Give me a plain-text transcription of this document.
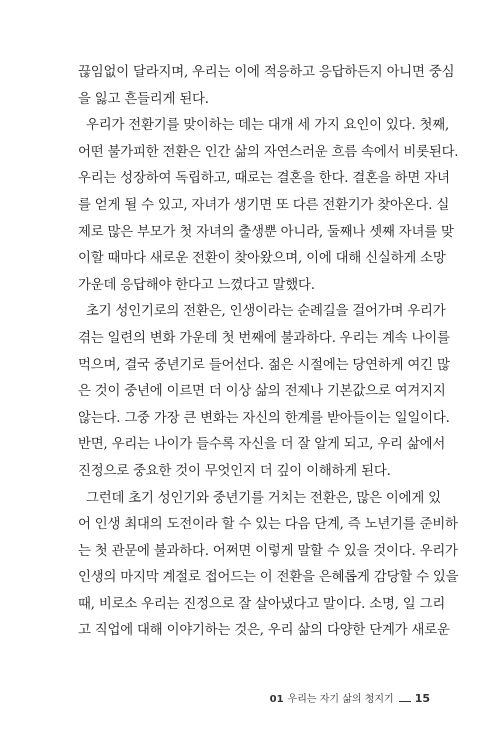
끊임없이 달라지며, 우리는 이에 적응하고 응답하든지 아니면 중심
을 잃고 흔들리게 된다.
우리가 전환기를 맞이하는 데는 대개 세 가지 요인이 있다. 첫째,
어떤 불가피한 전환은 인간 삶의 자연스러운 흐름 속에서 비롯된다.
우리는 성장하여 독립하고, 때로는 결혼을 한다. 결혼을 하면 자녀
를 얻게 될 수 있고, 자녀가 생기면 또 다른 전환기가 찾아온다. 실
제로 많은 부모가 첫 자녀의 출생뿐 아니라, 둘째나 셋째 자녀를 맞
이할 때마다 새로운 전환이 찾아왔으며, 이에 대해 신실하게 소망
가운데 응답해야 한다고 느꼈다고 말했다.
초기 성인기로의 전환은, 인생이라는 순례길을 걸어가며 우리가
겪는 일련의 변화 가운데 첫 번째에 불과하다. 우리는 계속 나이를
먹으며, 결국 중년기로 들어선다. 젊은 시절에는 당연하게 여긴 많
은 것이 중년에 이르면 더 이상 삶의 전제나 기본값으로 여겨지지
않는다. 그중 가장 큰 변화는 자신의 한계를 받아들이는 일일이다.
반면, 우리는 나이가 들수록 자신을 더 잘 알게 되고, 우리 삶에서
진정으로 중요한 것이 무엇인지 더 깊이 이해하게 된다.
그런데 초기 성인기와 중년기를 거치는 전환은, 많은 이에게 있
어 인생 최대의 도전이라 할 수 있는 다음 단계, 즉 노년기를 준비하
는 첫 관문에 불과하다. 어쩌면 이렇게 말할 수 있을 것이다. 우리가
인생의 마지막 계절로 접어드는 이 전환을 은혜롭게 감당할 수 있을
때, 비로소 우리는 진정으로 잘 살아냈다고 말이다. 소명, 일 그리
고 직업에 대해 이야기하는 것은, 우리 삶의 다양한 단계가 새로운
01 우리는 자기 삶의 청지기 15
